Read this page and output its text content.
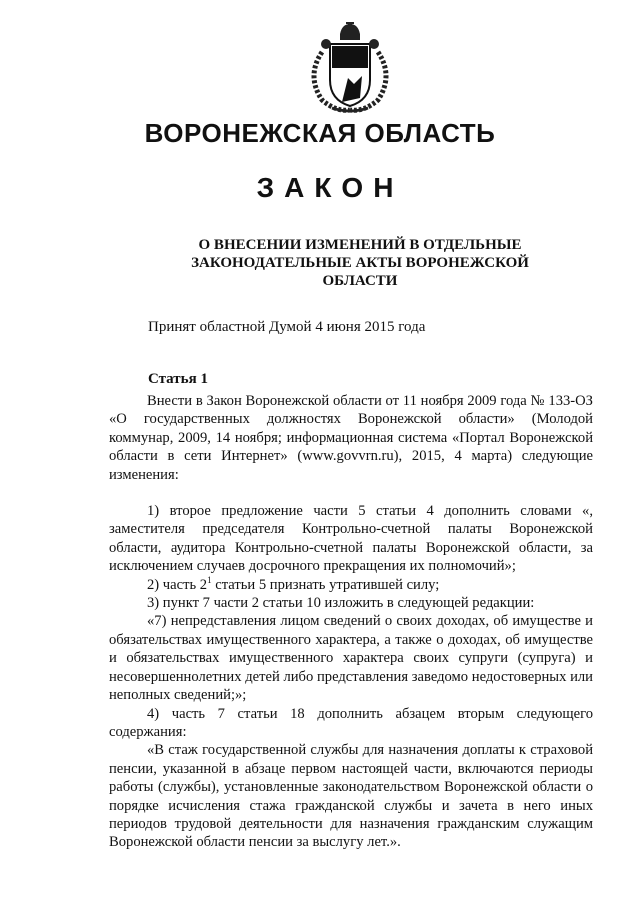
ВОРОНЕЖСКАЯ ОБЛАСТЬ
ЗАКОН
О ВНЕСЕНИИ ИЗМЕНЕНИЙ В ОТДЕЛЬНЫЕ
ЗАКОНОДАТЕЛЬНЫЕ АКТЫ ВОРОНЕЖСКОЙ
ОБЛАСТИ

Принят областной Думой 4 июня 2015 года

Статья 1

Внести в Закон Воронежской области от 11 ноября 2009 года № 133-ОЗ «О государственных должностях Воронежской области» (Молодой коммунар, 2009, 14 ноября; информационная система «Портал Воронежской области в сети Интернет» (www.govvrn.ru), 2015, 4 марта) следующие изменения:

1) второе предложение части 5 статьи 4 дополнить словами «, заместителя председателя Контрольно-счетной палаты Воронежской области, аудитора Контрольно-счетной палаты Воронежской области, за исключением случаев досрочного прекращения их полномочий»;

2) часть $2^1$ статьи 5 признать утратившей силу;

3) пункт 7 части 2 статьи 10 изложить в следующей редакции:

«7) непредставления лицом сведений о своих доходах, об имуществе и обязательствах имущественного характера, а также о доходах, об имуществе и обязательствах имущественного характера своих супруги (супруга) и несовершеннолетних детей либо представления заведомо недостоверных или неполных сведений;»;

4) часть 7 статьи 18 дополнить абзацем вторым следующего содержания:

«В стаж государственной службы для назначения доплаты к страховой пенсии, указанной в абзаце первом настоящей части, включаются периоды работы (службы), установленные законодательством Воронежской области о порядке исчисления стажа гражданской службы и зачета в него иных периодов трудовой деятельности для назначения гражданским служащим Воронежской области пенсии за выслугу лет.».
